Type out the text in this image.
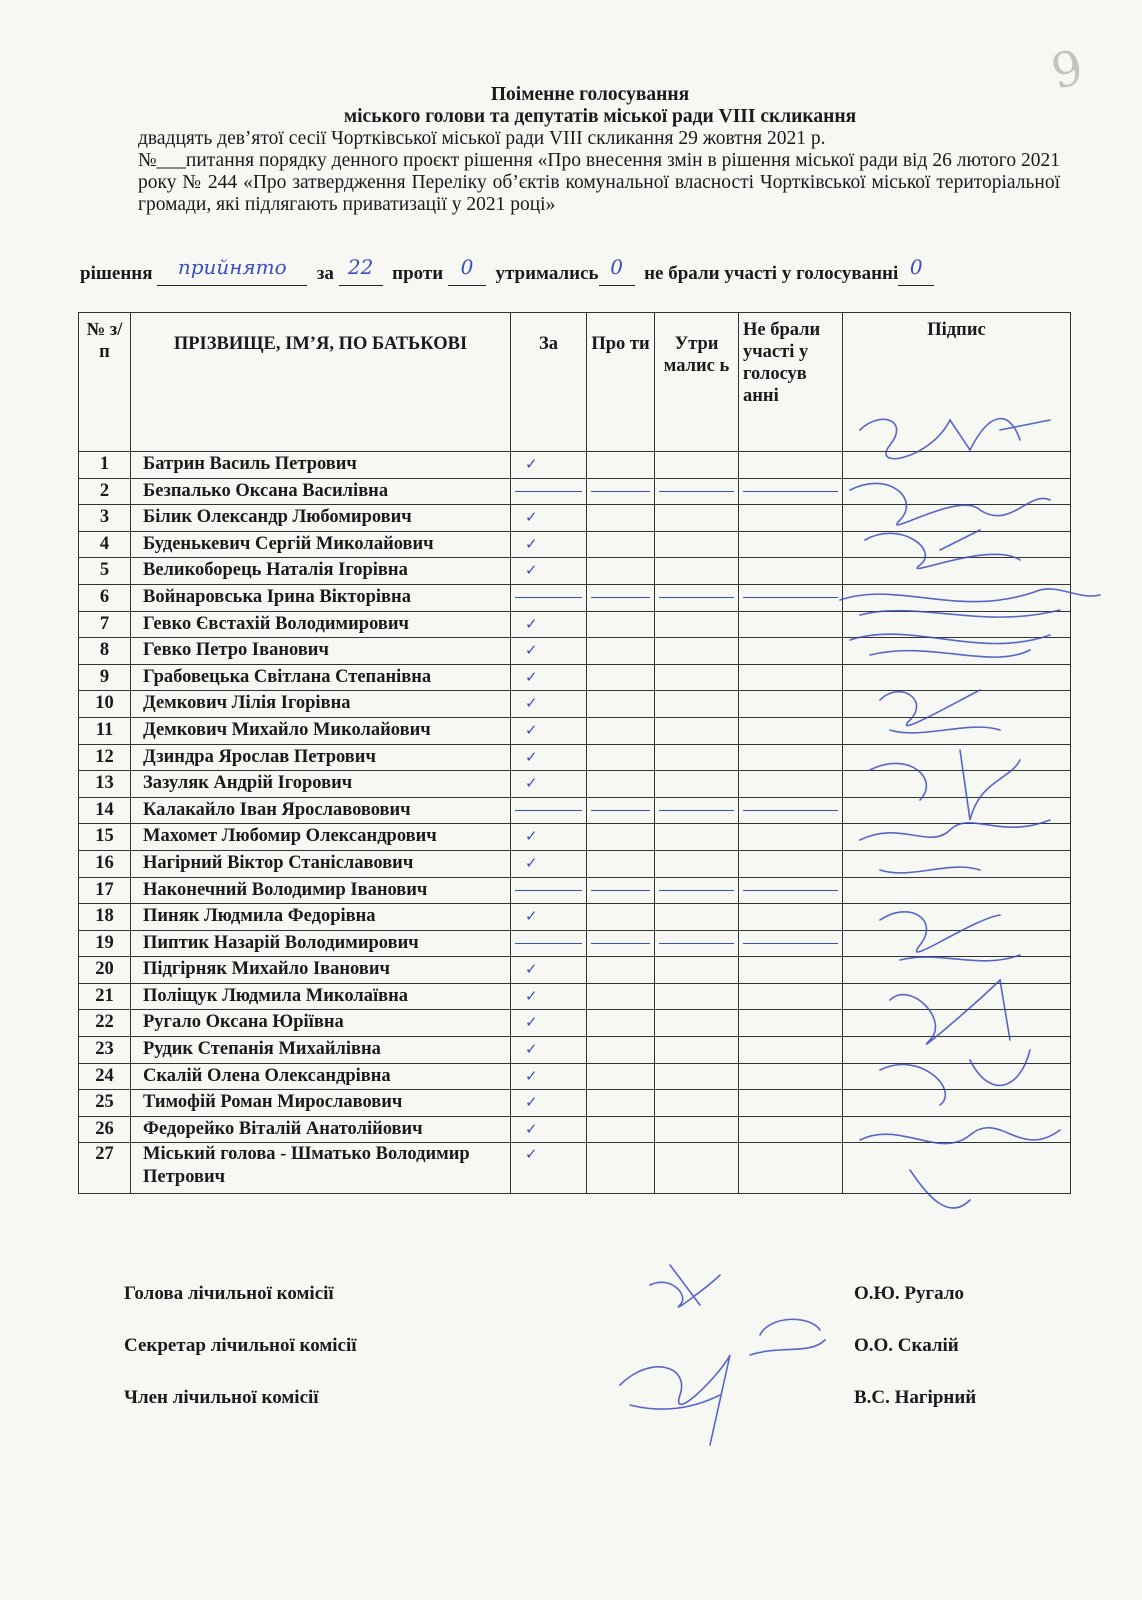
9
Поіменне голосування
міського голови та депутатів міської ради VIII скликання
двадцять дев’ятої сесії Чортківської міської ради VIII скликання 29 жовтня 2021 р.
№___питання порядку денного проєкт рішення «Про внесення змін в рішення міської ради від 26 лютого 2021 року № 244 «Про затвердження Переліку об’єктів комунальної власності Чортківської міської територіальної громади, які підлягають приватизації у 2021 році»
рішення прийнято за 22 проти 0 утримались 0 не брали участі у голосуванні 0
№ з/п	ПРІЗВИЩЕ, ІМ’Я, ПО БАТЬКОВІ	За	Про ти	Утри малис ь	Не брали участі у голосув анні	Підпис
1	Батрин Василь Петрович	✓				
2	Безпалько Оксана Василівна	

3	Білик Олександр Любомирович	✓				
4	Буденькевич Сергій Миколайович	✓				
5	Великоборець Наталія Ігорівна	✓				
6	Войнаровська Ірина Вікторівна	

7	Гевко Євстахій Володимирович	✓				
8	Гевко Петро Іванович	✓				
9	Грабовецька Світлана Степанівна	✓				
10	Демкович Лілія Ігорівна	✓				
11	Демкович Михайло Миколайович	✓				
12	Дзиндра Ярослав Петрович	✓				
13	Зазуляк Андрій Ігорович	✓				
14	Калакайло Іван Ярославовович	

15	Махомет Любомир Олександрович	✓				
16	Нагірний Віктор Станіславович	✓				
17	Наконечний Володимир Іванович	

18	Пиняк Людмила Федорівна	✓				
19	Пиптик Назарій Володимирович	

20	Підгірняк Михайло Іванович	✓				
21	Поліщук Людмила Миколаївна	✓				
22	Ругало Оксана Юріївна	✓				
23	Рудик Степанія Михайлівна	✓				
24	Скалій Олена Олександрівна	✓				
25	Тимофій Роман Мирославович	✓				
26	Федорейко Віталій Анатолійович	✓				
27	Міський голова - Шматько Володимир Петрович	✓				
Голова лічильної комісії	О.Ю. Ругало
Секретар лічильної комісії	О.О. Скалій
Член лічильної комісії	В.С. Нагірний
